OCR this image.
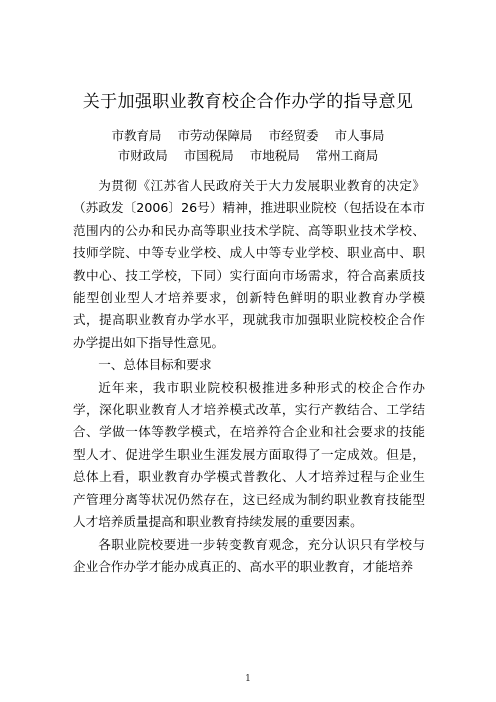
关于加强职业教育校企合作办学的指导意见
市教育局 市劳动保障局 市经贸委 市人事局
市财政局 市国税局 市地税局 常州工商局

为贯彻《江苏省人民政府关于大力发展职业教育的决定》（苏政发〔2006〕26号）精神，推进职业院校（包括设在本市范围内的公办和民办高等职业技术学院、高等职业技术学校、技师学院、中等专业学校、成人中等专业学校、职业高中、职教中心、技工学校，下同）实行面向市场需求，符合高素质技能型创业型人才培养要求，创新特色鲜明的职业教育办学模式，提高职业教育办学水平，现就我市加强职业院校校企合作办学提出如下指导性意见。

一、总体目标和要求

近年来，我市职业院校积极推进多种形式的校企合作办学，深化职业教育人才培养模式改革，实行产教结合、工学结合、学做一体等教学模式，在培养符合企业和社会要求的技能型人才、促进学生职业生涯发展方面取得了一定成效。但是，总体上看，职业教育办学模式普教化、人才培养过程与企业生产管理分离等状况仍然存在，这已经成为制约职业教育技能型人才培养质量提高和职业教育持续发展的重要因素。

各职业院校要进一步转变教育观念，充分认识只有学校与企业合作办学才能办成真正的、高水平的职业教育，才能培养

1
